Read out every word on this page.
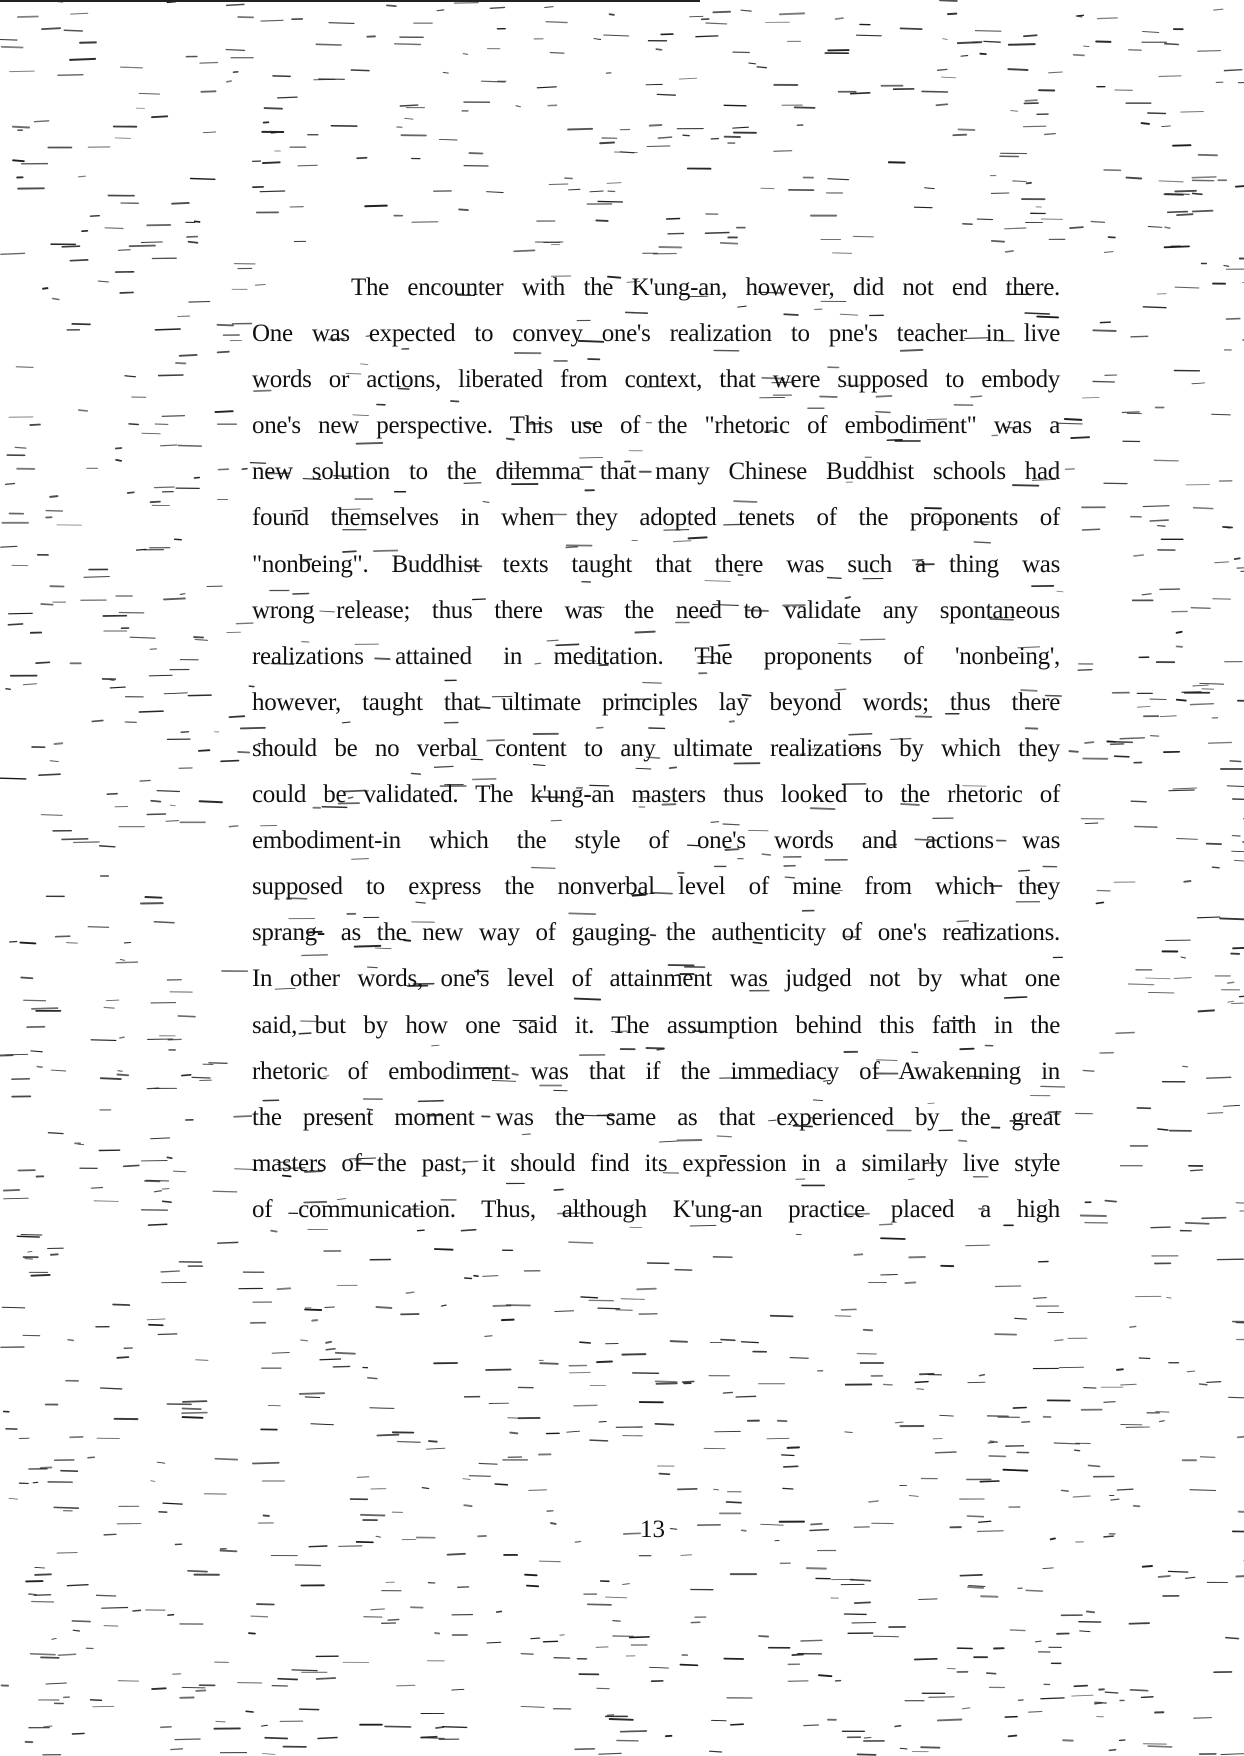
The encounter with the K'ung-an, however, did not end there.
One was expected to convey one's realization to pne's teacher in live
words or actions, liberated from context, that were supposed to embody
one's new perspective. This use of the "rhetoric of embodiment" was a
new solution to the dilemma that many Chinese Buddhist schools had
found themselves in when they adopted tenets of the proponents of
"nonbeing". Buddhist texts taught that there was such a thing was
wrong release; thus there was the need to validate any spontaneous
realizations attained in meditation. The proponents of 'nonbeing',
however, taught that ultimate principles lay beyond words; thus there
should be no verbal content to any ultimate realizations by which they
could be validated. The k'ung-an masters thus looked to the rhetoric of
embodiment-in which the style of one's words and actions was
supposed to express the nonverbal level of mine from which they
sprang- as the new way of gauging the authenticity of one's realizations.
In other words, one's level of attainment was judged not by what one
said, but by how one said it. The assumption behind this faith in the
rhetoric of embodiment was that if the immediacy of Awakenning in
the present moment was the same as that experienced by the great
masters of the past, it should find its expression in a similarly live style
of communication. Thus, although K'ung-an practice placed a high
13
